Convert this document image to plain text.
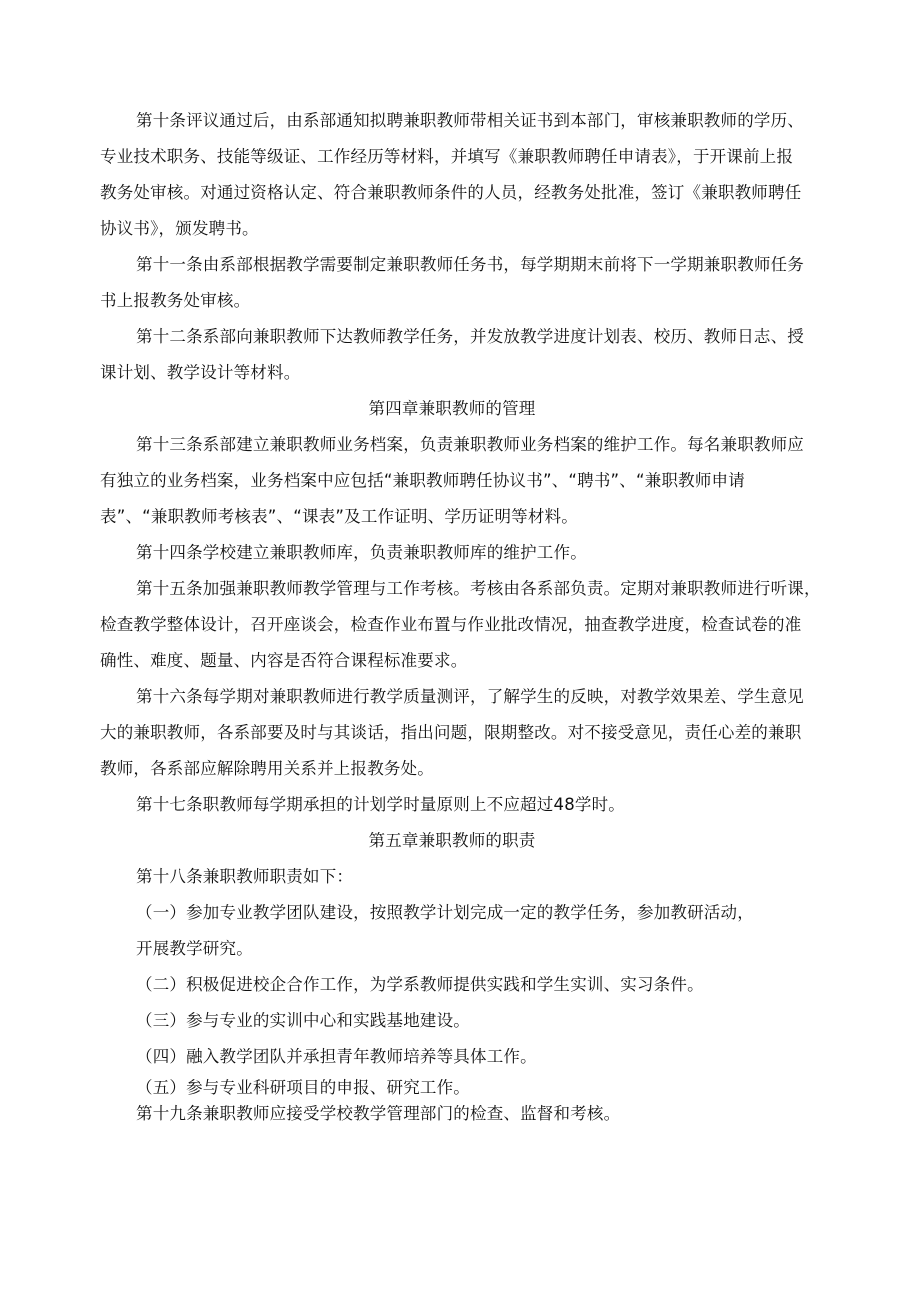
第十条评议通过后，由系部通知拟聘兼职教师带相关证书到本部门，审核兼职教师的学历、

专业技术职务、技能等级证、工作经历等材料，并填写《兼职教师聘任申请表》，于开课前上报

教务处审核。对通过资格认定、符合兼职教师条件的人员，经教务处批准，签订《兼职教师聘任

协议书》，颁发聘书。

第十一条由系部根据教学需要制定兼职教师任务书，每学期期末前将下一学期兼职教师任务

书上报教务处审核。

第十二条系部向兼职教师下达教师教学任务，并发放教学进度计划表、校历、教师日志、授

课计划、教学设计等材料。

第四章兼职教师的管理

第十三条系部建立兼职教师业务档案，负责兼职教师业务档案的维护工作。每名兼职教师应

有独立的业务档案，业务档案中应包括“兼职教师聘任协议书”、“聘书”、“兼职教师申请

表”、“兼职教师考核表”、“课表”及工作证明、学历证明等材料。

第十四条学校建立兼职教师库，负责兼职教师库的维护工作。

第十五条加强兼职教师教学管理与工作考核。考核由各系部负责。定期对兼职教师进行听课，

检查教学整体设计，召开座谈会，检查作业布置与作业批改情况，抽查教学进度，检查试卷的准

确性、难度、题量、内容是否符合课程标准要求。

第十六条每学期对兼职教师进行教学质量测评，了解学生的反映，对教学效果差、学生意见

大的兼职教师，各系部要及时与其谈话，指出问题，限期整改。对不接受意见，责任心差的兼职

教师，各系部应解除聘用关系并上报教务处。

第十七条职教师每学期承担的计划学时量原则上不应超过48学时。

第五章兼职教师的职责

第十八条兼职教师职责如下：

（一）参加专业教学团队建设，按照教学计划完成一定的教学任务，参加教研活动，

开展教学研究。

（二）积极促进校企合作工作，为学系教师提供实践和学生实训、实习条件。

（三）参与专业的实训中心和实践基地建设。

（四）融入教学团队并承担青年教师培养等具体工作。

（五）参与专业科研项目的申报、研究工作。

第十九条兼职教师应接受学校教学管理部门的检查、监督和考核。
